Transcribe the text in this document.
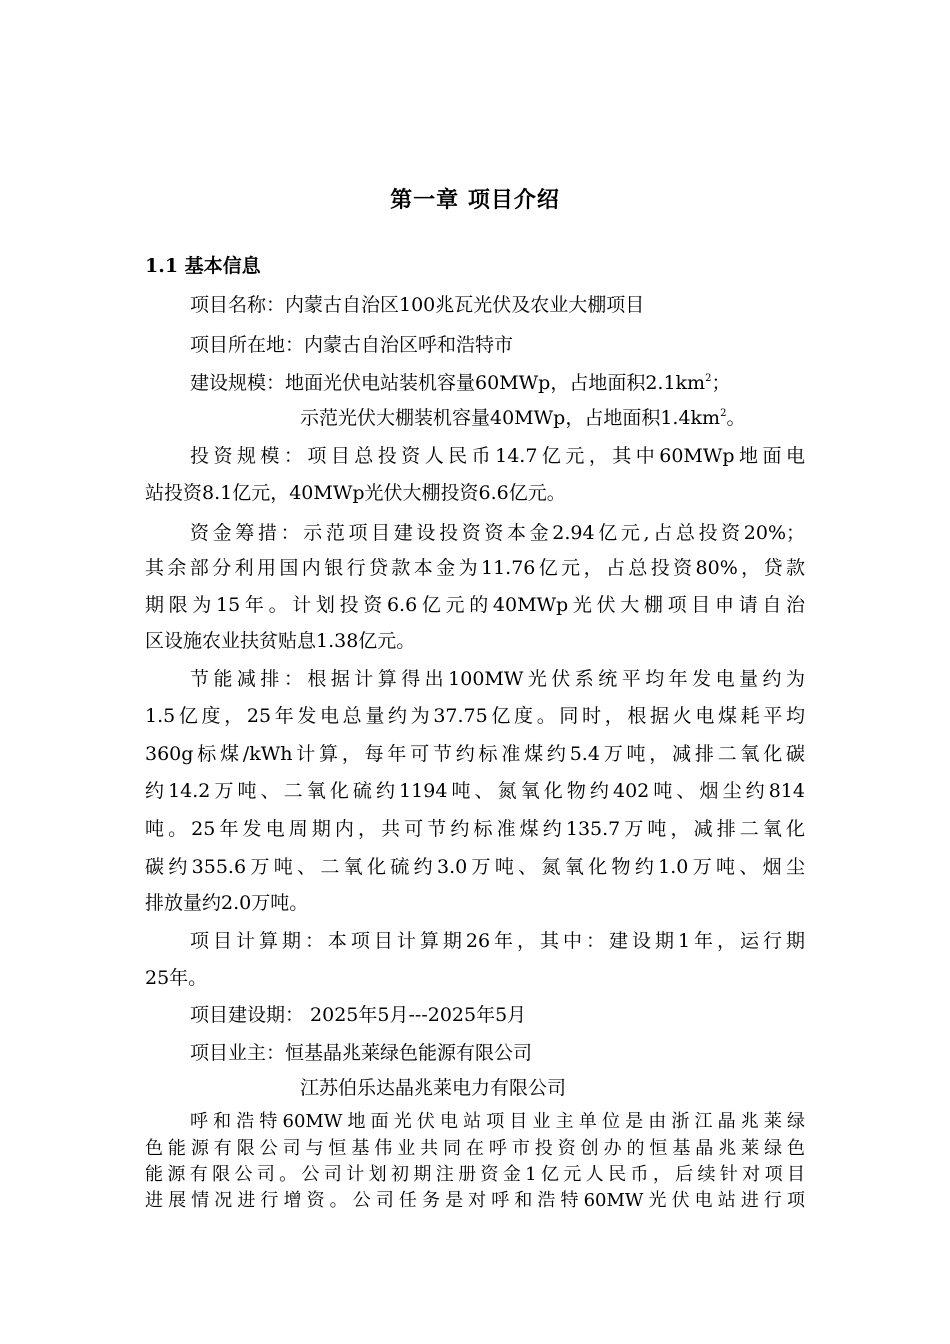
第一章 项目介绍
1.1 基本信息
项目名称：内蒙古自治区100兆瓦光伏及农业大棚项目
项目所在地：内蒙古自治区呼和浩特市
建设规模：地面光伏电站装机容量60MWp，占地面积$2.1km^2$；
示范光伏大棚装机容量40MWp，占地面积$1.4km^2$。
投资规模：项目总投资人民币14.7亿元，其中60MWp地面电
站投资8.1亿元，40MWp光伏大棚投资6.6亿元。
资金筹措：示范项目建设投资资本金2.94亿元,占总投资20%；
其余部分利用国内银行贷款本金为11.76亿元，占总投资80%，贷款
期限为15年。计划投资6.6亿元的40MWp光伏大棚项目申请自治
区设施农业扶贫贴息1.38亿元。
节能减排：根据计算得出100MW光伏系统平均年发电量约为
1.5亿度，25年发电总量约为37.75亿度。同时，根据火电煤耗平均
360g标煤/kWh计算，每年可节约标准煤约5.4万吨，减排二氧化碳
约14.2万吨、二氧化硫约1194吨、氮氧化物约402吨、烟尘约814
吨。25年发电周期内，共可节约标准煤约135.7万吨，减排二氧化
碳约355.6万吨、二氧化硫约3.0万吨、氮氧化物约1.0万吨、烟尘
排放量约2.0万吨。
项目计算期：本项目计算期26年，其中：建设期1年，运行期
25年。
项目建设期： 2025年5月---2025年5月
项目业主：恒基晶兆莱绿色能源有限公司
江苏伯乐达晶兆莱电力有限公司
呼和浩特60MW地面光伏电站项目业主单位是由浙江晶兆莱绿
色能源有限公司与恒基伟业共同在呼市投资创办的恒基晶兆莱绿色
能源有限公司。公司计划初期注册资金1亿元人民币，后续针对项目
进展情况进行增资。公司任务是对呼和浩特60MW光伏电站进行项
